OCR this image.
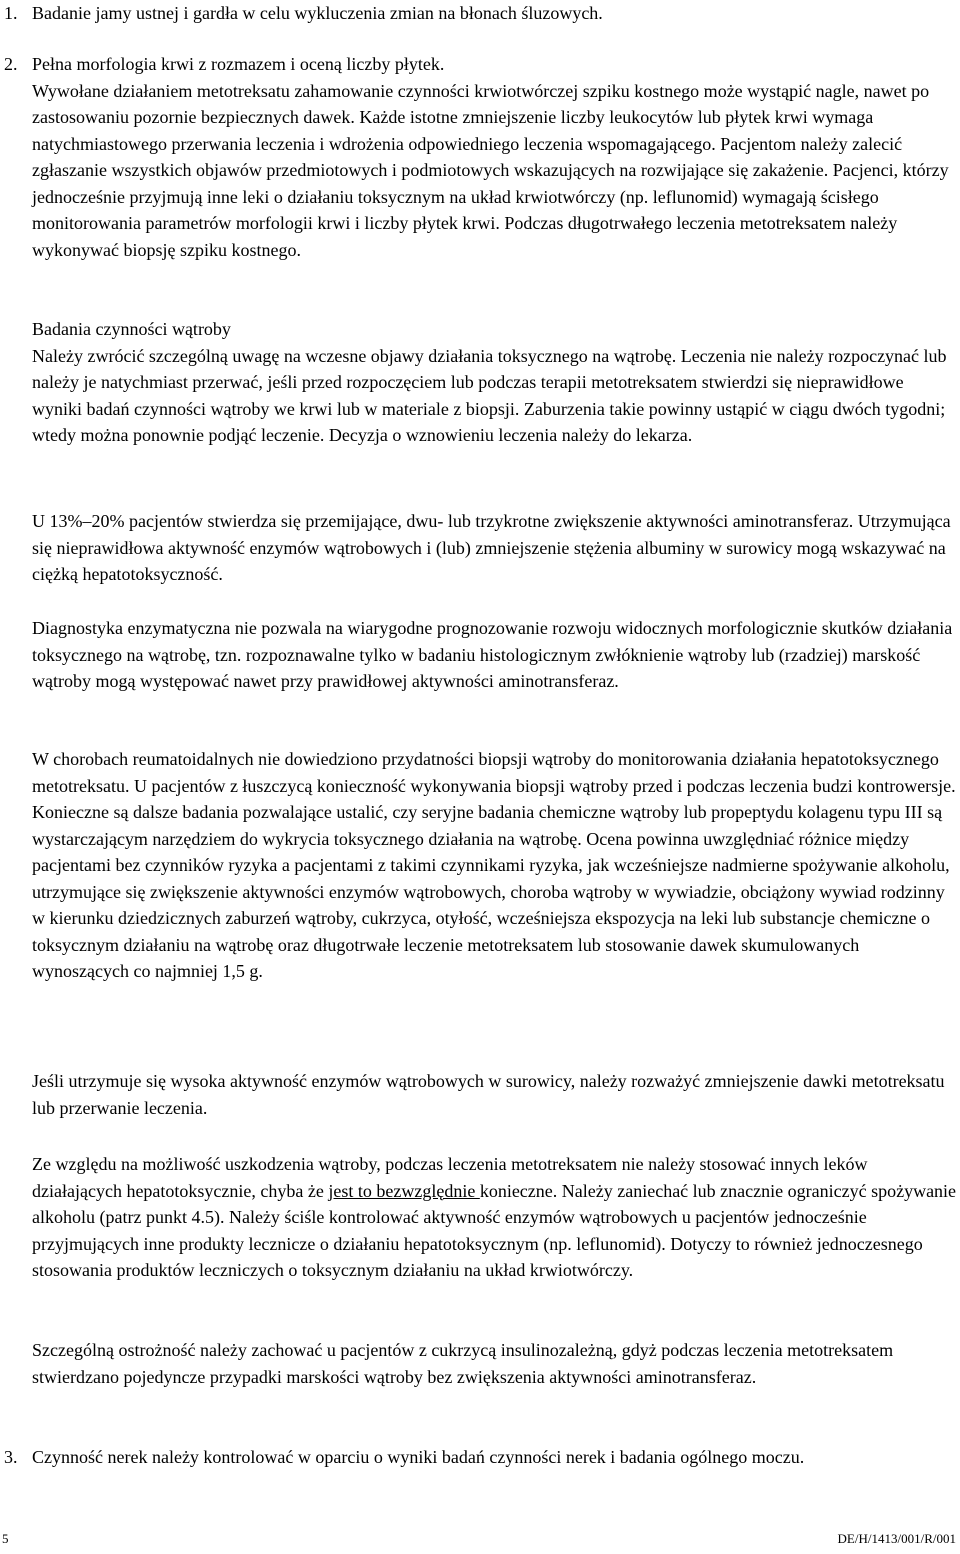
1. Badanie jamy ustnej i gardła w celu wykluczenia zmian na błonach śluzowych.

2. Pełna morfologia krwi z rozmazem i oceną liczby płytek.

Wywołane działaniem metotreksatu zahamowanie czynności krwiotwórczej szpiku kostnego może wystąpić nagle, nawet po zastosowaniu pozornie bezpiecznych dawek. Każde istotne zmniejszenie liczby leukocytów lub płytek krwi wymaga natychmiastowego przerwania leczenia i wdrożenia odpowiedniego leczenia wspomagającego. Pacjentom należy zalecić zgłaszanie wszystkich objawów przedmiotowych i podmiotowych wskazujących na rozwijające się zakażenie. Pacjenci, którzy jednocześnie przyjmują inne leki o działaniu toksycznym na układ krwiotwórczy (np. leflunomid) wymagają ścisłego monitorowania parametrów morfologii krwi i liczby płytek krwi. Podczas długotrwałego leczenia metotreksatem należy wykonywać biopsję szpiku kostnego.

Badania czynności wątroby

Należy zwrócić szczególną uwagę na wczesne objawy działania toksycznego na wątrobę. Leczenia nie należy rozpoczynać lub należy je natychmiast przerwać, jeśli przed rozpoczęciem lub podczas terapii metotreksatem stwierdzi się nieprawidłowe wyniki badań czynności wątroby we krwi lub w materiale z biopsji. Zaburzenia takie powinny ustąpić w ciągu dwóch tygodni; wtedy można ponownie podjąć leczenie. Decyzja o wznowieniu leczenia należy do lekarza.

U 13%–20% pacjentów stwierdza się przemijające, dwu- lub trzykrotne zwiększenie aktywności aminotransferaz. Utrzymująca się nieprawidłowa aktywność enzymów wątrobowych i (lub) zmniejszenie stężenia albuminy w surowicy mogą wskazywać na ciężką hepatotoksyczność.

Diagnostyka enzymatyczna nie pozwala na wiarygodne prognozowanie rozwoju widocznych morfologicznie skutków działania toksycznego na wątrobę, tzn. rozpoznawalne tylko w badaniu histologicznym zwłóknienie wątroby lub (rzadziej) marskość wątroby mogą występować nawet przy prawidłowej aktywności aminotransferaz.

W chorobach reumatoidalnych nie dowiedziono przydatności biopsji wątroby do monitorowania działania hepatotoksycznego metotreksatu. U pacjentów z łuszczycą konieczność wykonywania biopsji wątroby przed i podczas leczenia budzi kontrowersje. Konieczne są dalsze badania pozwalające ustalić, czy seryjne badania chemiczne wątroby lub propeptydu kolagenu typu III są wystarczającym narzędziem do wykrycia toksycznego działania na wątrobę. Ocena powinna uwzględniać różnice między pacjentami bez czynników ryzyka a pacjentami z takimi czynnikami ryzyka, jak wcześniejsze nadmierne spożywanie alkoholu, utrzymujące się zwiększenie aktywności enzymów wątrobowych, choroba wątroby w wywiadzie, obciążony wywiad rodzinny w kierunku dziedzicznych zaburzeń wątroby, cukrzyca, otyłość, wcześniejsza ekspozycja na leki lub substancje chemiczne o toksycznym działaniu na wątrobę oraz długotrwałe leczenie metotreksatem lub stosowanie dawek skumulowanych wynoszących co najmniej 1,5 g.

Jeśli utrzymuje się wysoka aktywność enzymów wątrobowych w surowicy, należy rozważyć zmniejszenie dawki metotreksatu lub przerwanie leczenia.

Ze względu na możliwość uszkodzenia wątroby, podczas leczenia metotreksatem nie należy stosować innych leków działających hepatotoksycznie, chyba że jest to bezwzględnie konieczne. Należy zaniechać lub znacznie ograniczyć spożywanie alkoholu (patrz punkt 4.5). Należy ściśle kontrolować aktywność enzymów wątrobowych u pacjentów jednocześnie przyjmujących inne produkty lecznicze o działaniu hepatotoksycznym (np. leflunomid). Dotyczy to również jednoczesnego stosowania produktów leczniczych o toksycznym działaniu na układ krwiotwórczy.

Szczególną ostrożność należy zachować u pacjentów z cukrzycą insulinozależną, gdyż podczas leczenia metotreksatem stwierdzano pojedyncze przypadki marskości wątroby bez zwiększenia aktywności aminotransferaz.

3. Czynność nerek należy kontrolować w oparciu o wyniki badań czynności nerek i badania ogólnego moczu.

5	DE/H/1413/001/R/001
